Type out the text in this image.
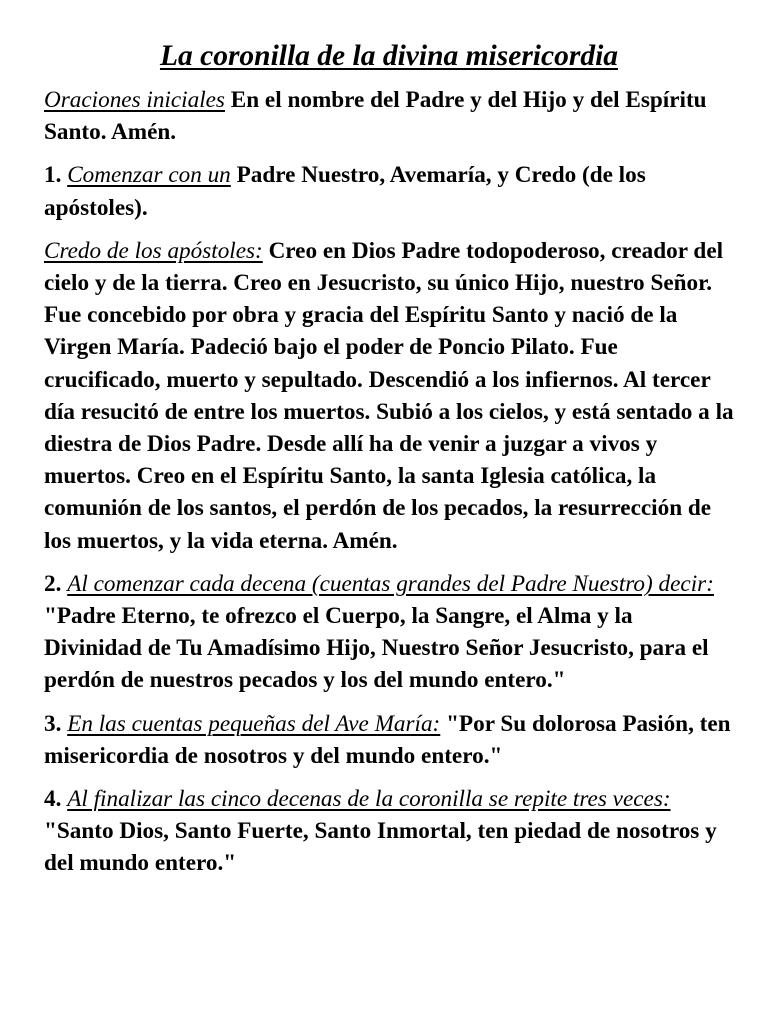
La coronilla de la divina misericordia

Oraciones iniciales En el nombre del Padre y del Hijo y del Espíritu Santo. Amén.

1. Comenzar con un Padre Nuestro, Avemaría, y Credo (de los apóstoles).

Credo de los apóstoles: Creo en Dios Padre todopoderoso, creador del cielo y de la tierra. Creo en Jesucristo, su único Hijo, nuestro Señor. Fue concebido por obra y gracia del Espíritu Santo y nació de la Virgen María. Padeció bajo el poder de Poncio Pilato. Fue crucificado, muerto y sepultado. Descendió a los infiernos. Al tercer día resucitó de entre los muertos. Subió a los cielos, y está sentado a la diestra de Dios Padre. Desde allí ha de venir a juzgar a vivos y muertos. Creo en el Espíritu Santo, la santa Iglesia católica, la comunión de los santos, el perdón de los pecados, la resurrección de los muertos, y la vida eterna. Amén.

2. Al comenzar cada decena (cuentas grandes del Padre Nuestro) decir: "Padre Eterno, te ofrezco el Cuerpo, la Sangre, el Alma y la Divinidad de Tu Amadísimo Hijo, Nuestro Señor Jesucristo, para el perdón de nuestros pecados y los del mundo entero."

3. En las cuentas pequeñas del Ave María: "Por Su dolorosa Pasión, ten misericordia de nosotros y del mundo entero."

4. Al finalizar las cinco decenas de la coronilla se repite tres veces: "Santo Dios, Santo Fuerte, Santo Inmortal, ten piedad de nosotros y del mundo entero."
